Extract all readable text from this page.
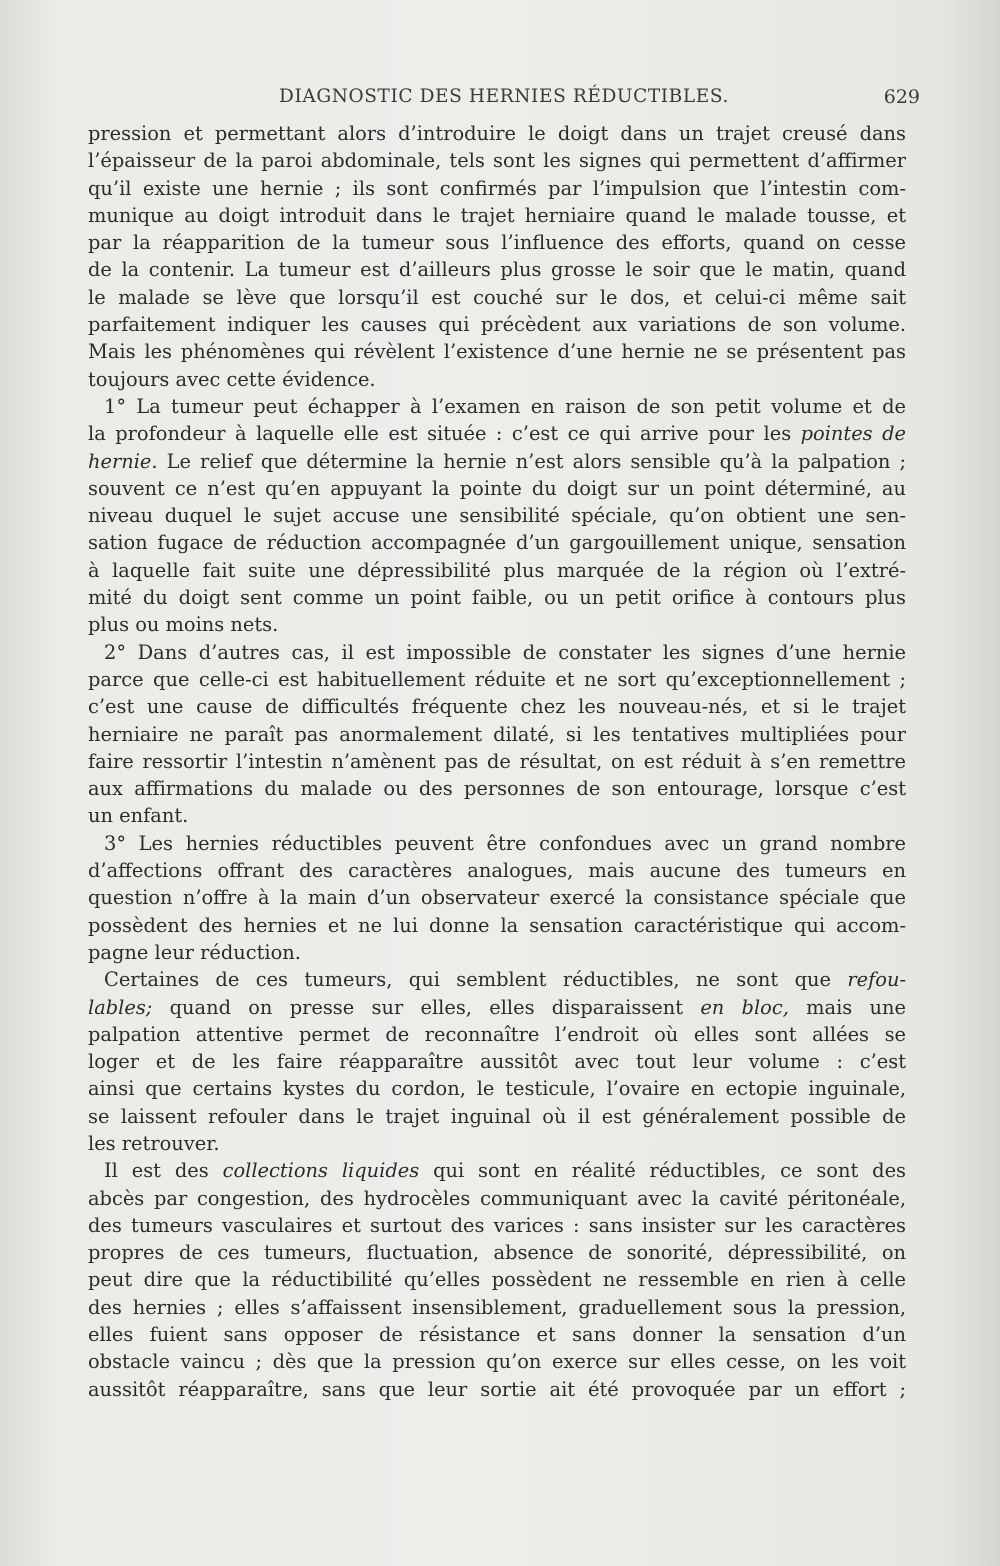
DIAGNOSTIC DES HERNIES RÉDUCTIBLES.	629
pression et permettant alors d’introduire le doigt dans un trajet creusé dans
l’épaisseur de la paroi abdominale, tels sont les signes qui permettent d’affirmer
qu’il existe une hernie ; ils sont confirmés par l’impulsion que l’intestin com-
munique au doigt introduit dans le trajet herniaire quand le malade tousse, et
par la réapparition de la tumeur sous l’influence des efforts, quand on cesse
de la contenir. La tumeur est d’ailleurs plus grosse le soir que le matin, quand
le malade se lève que lorsqu’il est couché sur le dos, et celui-ci même sait
parfaitement indiquer les causes qui précèdent aux variations de son volume.
Mais les phénomènes qui révèlent l’existence d’une hernie ne se présentent pas
toujours avec cette évidence.
1° La tumeur peut échapper à l’examen en raison de son petit volume et de
la profondeur à laquelle elle est située : c’est ce qui arrive pour les pointes de
hernie. Le relief que détermine la hernie n’est alors sensible qu’à la palpation ;
souvent ce n’est qu’en appuyant la pointe du doigt sur un point déterminé, au
niveau duquel le sujet accuse une sensibilité spéciale, qu’on obtient une sen-
sation fugace de réduction accompagnée d’un gargouillement unique, sensation
à laquelle fait suite une dépressibilité plus marquée de la région où l’extré-
mité du doigt sent comme un point faible, ou un petit orifice à contours plus
plus ou moins nets.
2° Dans d’autres cas, il est impossible de constater les signes d’une hernie
parce que celle-ci est habituellement réduite et ne sort qu’exceptionnellement ;
c’est une cause de difficultés fréquente chez les nouveau-nés, et si le trajet
herniaire ne paraît pas anormalement dilaté, si les tentatives multipliées pour
faire ressortir l’intestin n’amènent pas de résultat, on est réduit à s’en remettre
aux affirmations du malade ou des personnes de son entourage, lorsque c’est
un enfant.
3° Les hernies réductibles peuvent être confondues avec un grand nombre
d’affections offrant des caractères analogues, mais aucune des tumeurs en
question n’offre à la main d’un observateur exercé la consistance spéciale que
possèdent des hernies et ne lui donne la sensation caractéristique qui accom-
pagne leur réduction.
Certaines de ces tumeurs, qui semblent réductibles, ne sont que refou-
lables; quand on presse sur elles, elles disparaissent en bloc, mais une
palpation attentive permet de reconnaître l’endroit où elles sont allées se
loger et de les faire réapparaître aussitôt avec tout leur volume : c’est
ainsi que certains kystes du cordon, le testicule, l’ovaire en ectopie inguinale,
se laissent refouler dans le trajet inguinal où il est généralement possible de
les retrouver.
Il est des collections liquides qui sont en réalité réductibles, ce sont des
abcès par congestion, des hydrocèles communiquant avec la cavité péritonéale,
des tumeurs vasculaires et surtout des varices : sans insister sur les caractères
propres de ces tumeurs, fluctuation, absence de sonorité, dépressibilité, on
peut dire que la réductibilité qu’elles possèdent ne ressemble en rien à celle
des hernies ; elles s’affaissent insensiblement, graduellement sous la pression,
elles fuient sans opposer de résistance et sans donner la sensation d’un
obstacle vaincu ; dès que la pression qu’on exerce sur elles cesse, on les voit
aussitôt réapparaître, sans que leur sortie ait été provoquée par un effort ;
